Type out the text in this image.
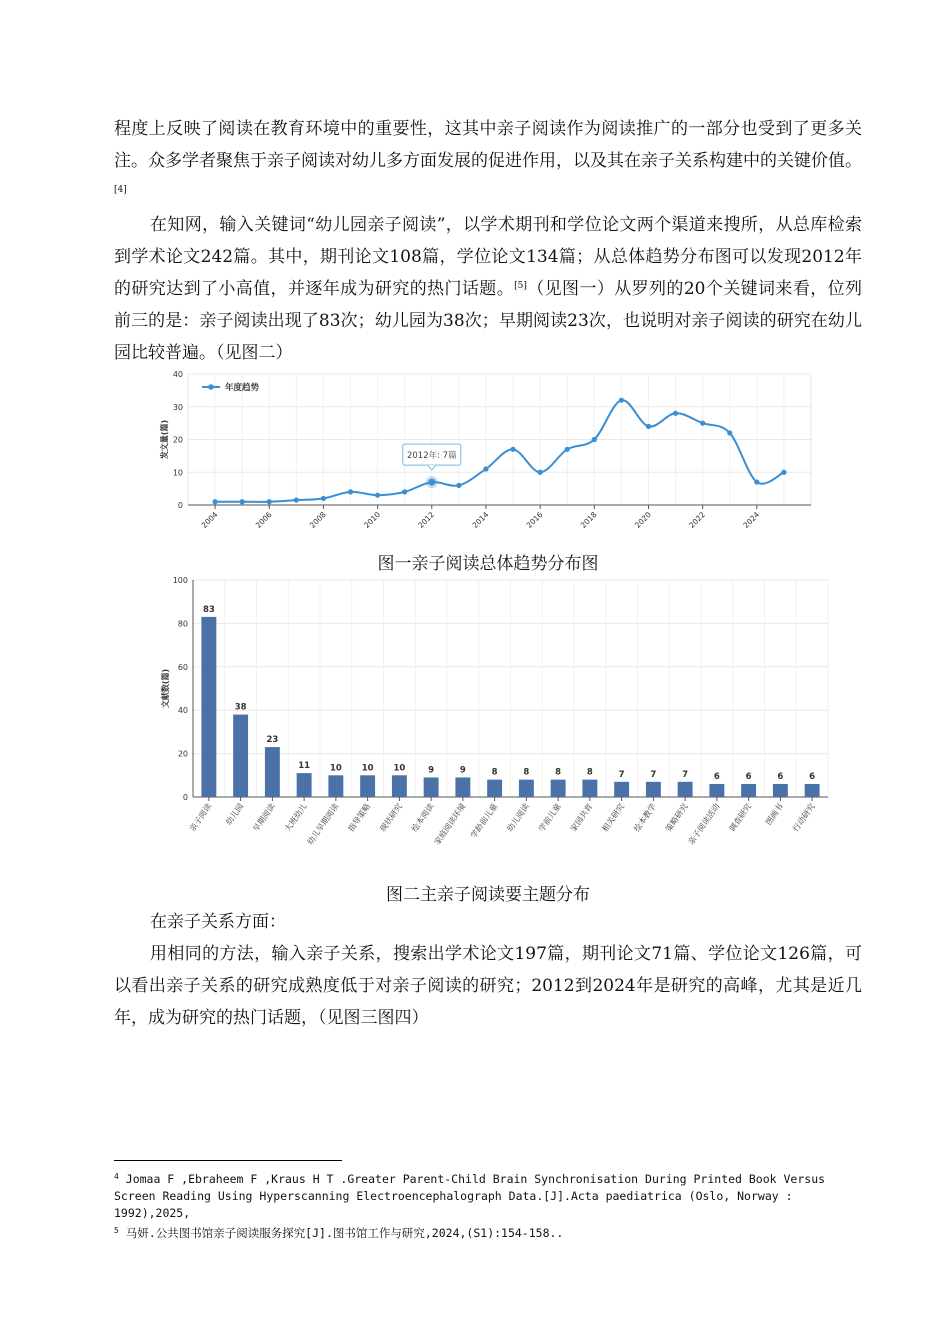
程度上反映了阅读在教育环境中的重要性，这其中亲子阅读作为阅读推广的一部分也受到了更多关注。众多学者聚焦于亲子阅读对幼儿多方面发展的促进作用，以及其在亲子关系构建中的关键价值。[4]

在知网，输入关键词“幼儿园亲子阅读”，以学术期刊和学位论文两个渠道来搜所，从总库检索到学术论文242篇。其中，期刊论文108篇，学位论文134篇；从总体趋势分布图可以发现2012年的研究达到了小高值，并逐年成为研究的热门话题。[5]（见图一）从罗列的20个关键词来看，位列前三的是：亲子阅读出现了83次；幼儿园为38次；早期阅读23次，也说明对亲子阅读的研究在幼儿园比较普遍。（见图二）

0
10
20
30
40
2004	2006	2008	2010	2012	2014	2016	2018	2020	2022	2024
发文量(篇)
年度趋势
2012年: 7篇
图一亲子阅读总体趋势分布图
0
20
40
60
80
100
文献数(篇)
83
亲子阅读
38
幼儿园
23
早期阅读
11
大班幼儿
10
幼儿早期阅读
10
指导策略
10
现状研究
9
绘本阅读
9
家庭阅读环境
8
学龄前儿童
8
幼儿阅读
8
学前儿童
8
家园共育
7
相关研究
7
绘本教学
7
策略研究
6
亲子阅读活动
6
调查研究
6
图画书
6
行动研究
图二主亲子阅读要主题分布

在亲子关系方面：

用相同的方法，输入亲子关系，搜索出学术论文197篇，期刊论文71篇、学位论文126篇，可以看出亲子关系的研究成熟度低于对亲子阅读的研究；2012到2024年是研究的高峰，尤其是近几年，成为研究的热门话题，（见图三图四）

$^4$ Jomaa F ,Ebraheem F ,Kraus H T .Greater Parent-Child Brain Synchronisation During Printed Book Versus Screen Reading Using Hyperscanning Electroencephalograph Data.[J].Acta paediatrica (Oslo, Norway : 1992),2025,

$^5$ 马妍.公共图书馆亲子阅读服务探究[J].图书馆工作与研究,2024,(S1):154-158..
